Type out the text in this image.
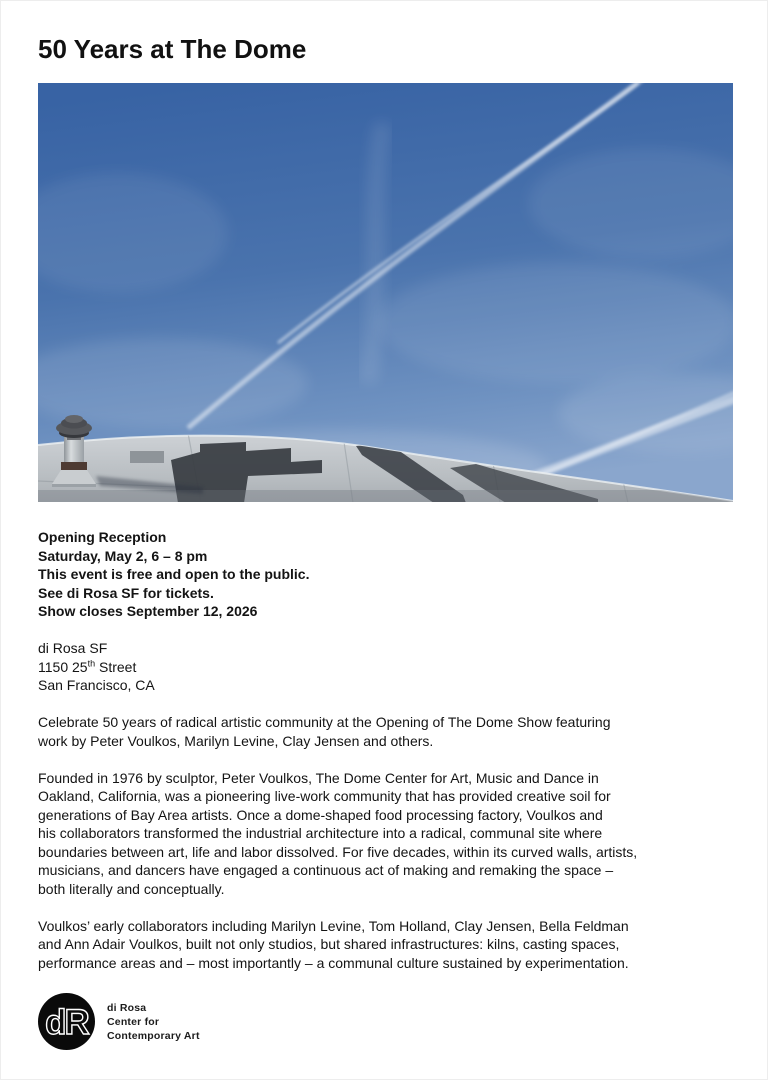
50 Years at The Dome
Opening Reception
Saturday, May 2, 6 – 8 pm
This event is free and open to the public.
See di Rosa SF for tickets.
Show closes September 12, 2026
di Rosa SF
1150 25th Street
San Francisco, CA

Celebrate 50 years of radical artistic community at the Opening of The Dome Show featuring
work by Peter Voulkos, Marilyn Levine, Clay Jensen and others.

Founded in 1976 by sculptor, Peter Voulkos, The Dome Center for Art, Music and Dance in
Oakland, California, was a pioneering live-work community that has provided creative soil for
generations of Bay Area artists. Once a dome-shaped food processing factory, Voulkos and
his collaborators transformed the industrial architecture into a radical, communal site where
boundaries between art, life and labor dissolved. For five decades, within its curved walls, artists,
musicians, and dancers have engaged a continuous act of making and remaking the space –
both literally and conceptually.

Voulkos’ early collaborators including Marilyn Levine, Tom Holland, Clay Jensen, Bella Feldman
and Ann Adair Voulkos, built not only studios, but shared infrastructures: kilns, casting spaces,
performance areas and – most importantly – a communal culture sustained by experimentation.

dR di Rosa
Center for
Contemporary Art
